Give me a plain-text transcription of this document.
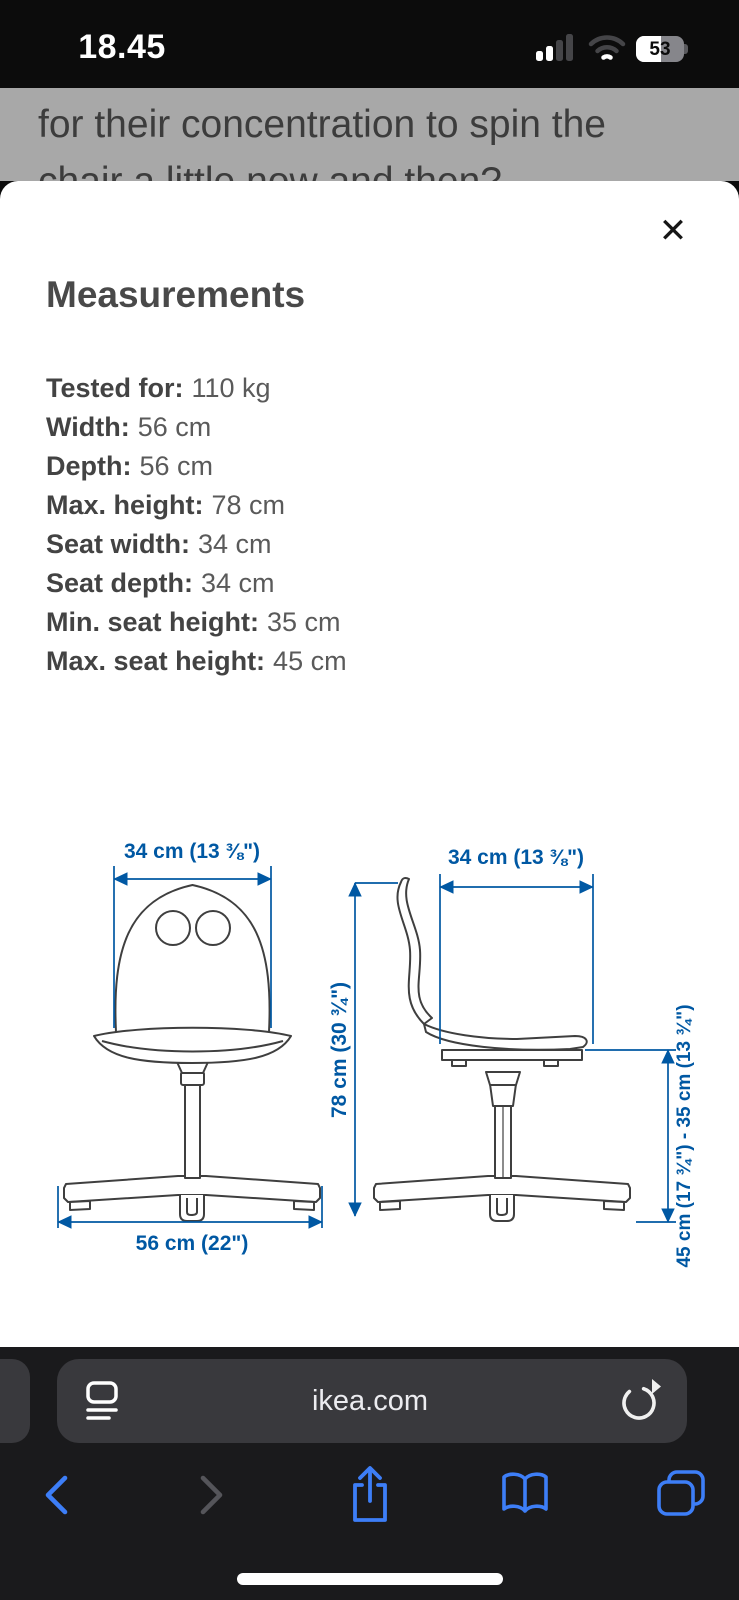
18.45	53
for their concentration to spin the
✕
Measurements
Tested for: 110 kg
Width: 56 cm
Depth: 56 cm
Max. height: 78 cm
Seat width: 34 cm
Seat depth: 34 cm
Min. seat height: 35 cm
Max. seat height: 45 cm
34 cm (13 ⅜")
56 cm (22")
34 cm (13 ⅜")
78 cm (30 ¾")	45 cm (17 ¾") - 35 cm (13 ¾")
ikea.com
